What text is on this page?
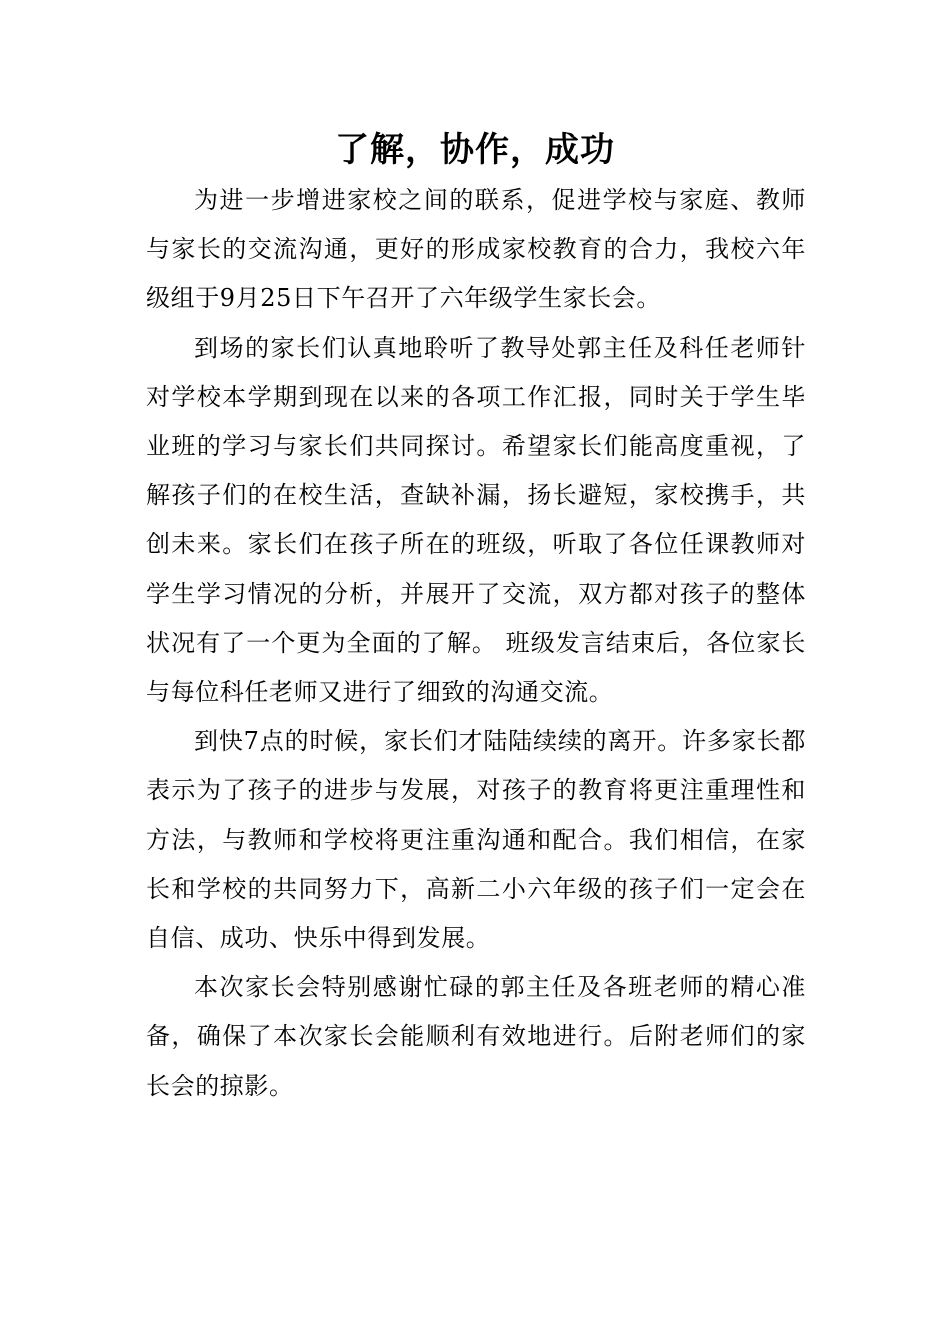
了解，协作，成功

为进一步增进家校之间的联系，促进学校与家庭、教师与家长的交流沟通，更好的形成家校教育的合力，我校六年级组于9月25日下午召开了六年级学生家长会。

到场的家长们认真地聆听了教导处郭主任及科任老师针对学校本学期到现在以来的各项工作汇报，同时关于学生毕业班的学习与家长们共同探讨。希望家长们能高度重视，了解孩子们的在校生活，查缺补漏，扬长避短，家校携手，共创未来。家长们在孩子所在的班级，听取了各位任课教师对学生学习情况的分析，并展开了交流，双方都对孩子的整体状况有了一个更为全面的了解。 班级发言结束后，各位家长与每位科任老师又进行了细致的沟通交流。

到快7点的时候，家长们才陆陆续续的离开。许多家长都表示为了孩子的进步与发展，对孩子的教育将更注重理性和方法，与教师和学校将更注重沟通和配合。我们相信，在家长和学校的共同努力下，高新二小六年级的孩子们一定会在自信、成功、快乐中得到发展。

本次家长会特别感谢忙碌的郭主任及各班老师的精心准备，确保了本次家长会能顺利有效地进行。后附老师们的家长会的掠影。
